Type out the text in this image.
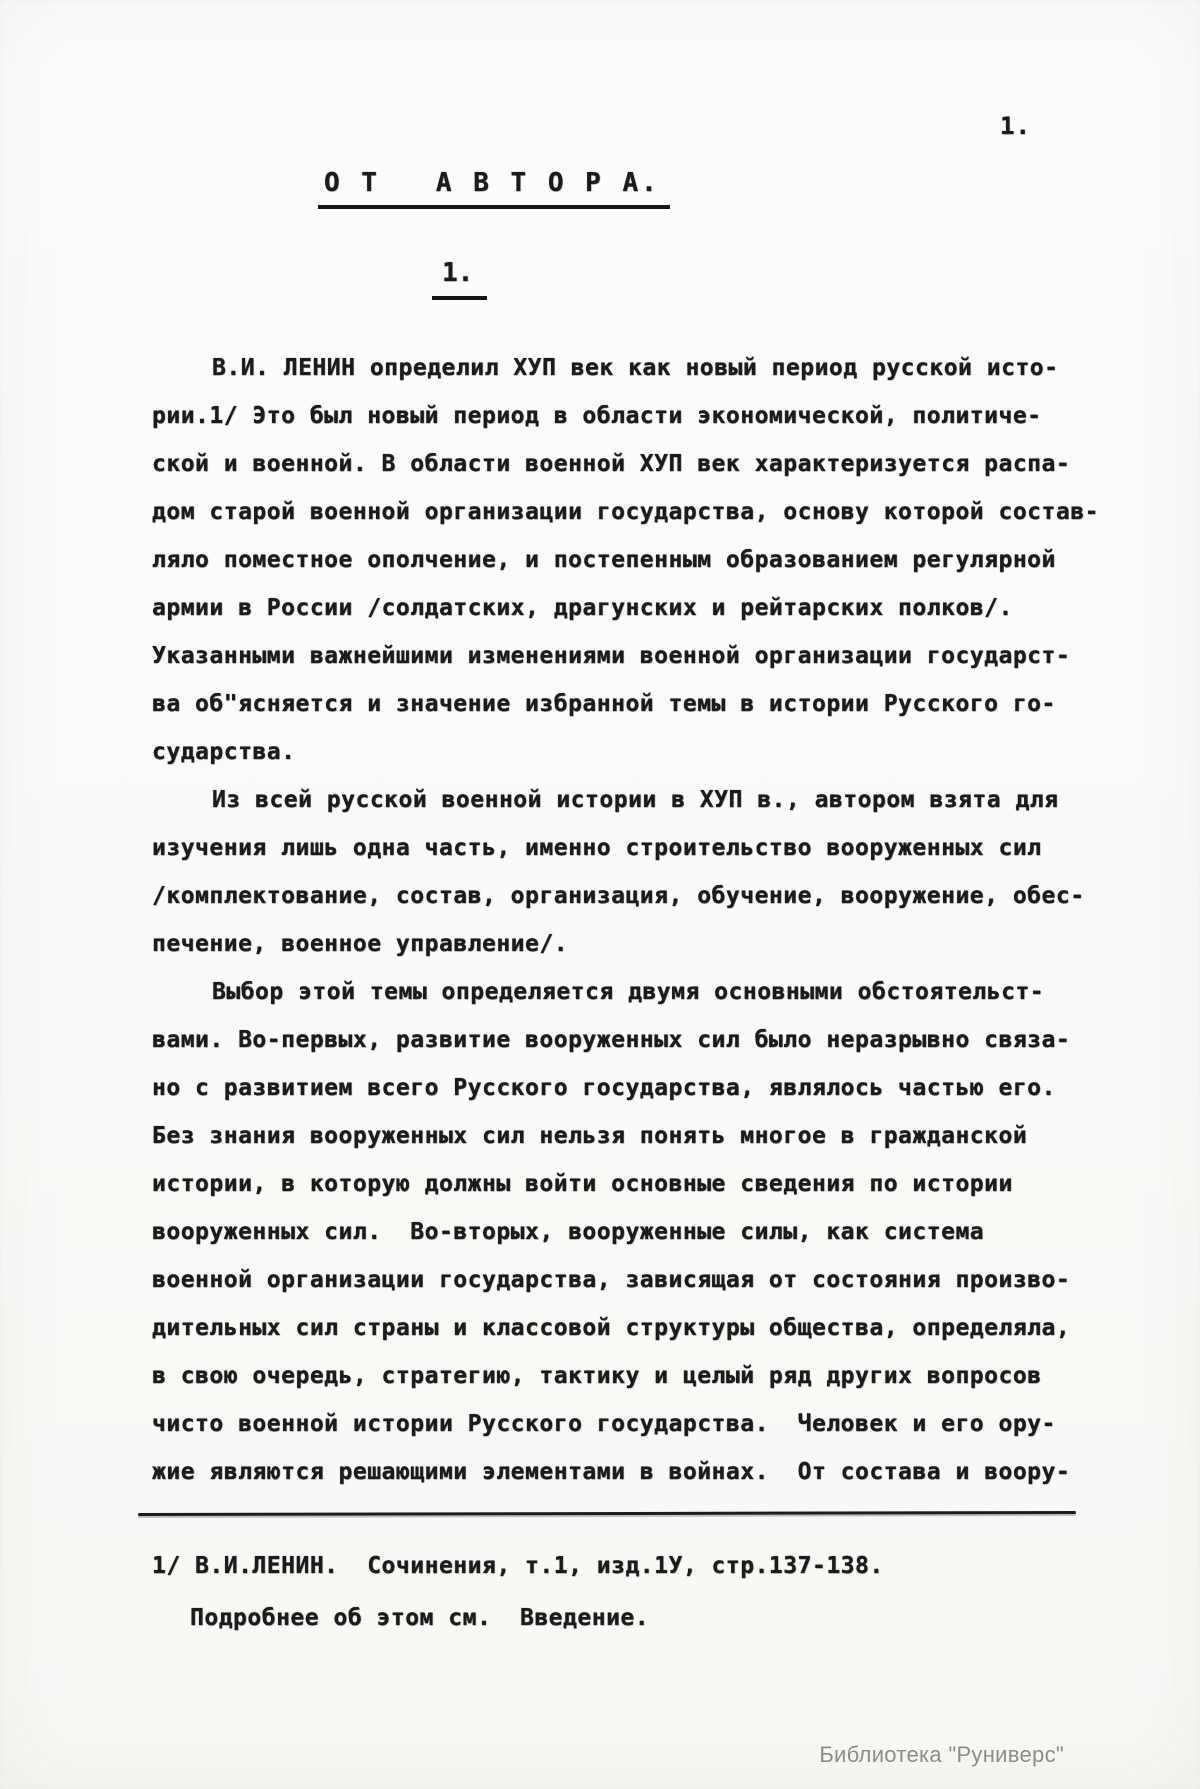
1.
О Т   А В Т О Р А.
1.
В.И. ЛЕНИН определил ХУП век как новый период русской исто-
рии.1/ Это был новый период в области экономической, политиче-
ской и военной. В области военной ХУП век характеризуется распа-
дом старой военной организации государства, основу которой состав-
ляло поместное ополчение, и постепенным образованием регулярной
армии в России /солдатских, драгунских и рейтарских полков/.
Указанными важнейшими изменениями военной организации государст-
ва об"ясняется и значение избранной темы в истории Русского го-
сударства.
Из всей русской военной истории в ХУП в., автором взята для
изучения лишь одна часть, именно строительство вооруженных сил
/комплектование, состав, организация, обучение, вооружение, обес-
печение, военное управление/.
Выбор этой темы определяется двумя основными обстоятельст-
вами. Во-первых, развитие вооруженных сил было неразрывно связа-
но с развитием всего Русского государства, являлось частью его.
Без знания вооруженных сил нельзя понять многое в гражданской
истории, в которую должны войти основные сведения по истории
вооруженных сил.  Во-вторых, вооруженные силы, как система
военной организации государства, зависящая от состояния произво-
дительных сил страны и классовой структуры общества, определяла,
в свою очередь, стратегию, тактику и целый ряд других вопросов
чисто военной истории Русского государства.  Человек и его ору-
жие являются решающими элементами в войнах.  От состава и воору-
1/ В.И.ЛЕНИН.  Сочинения, т.1, изд.1У, стр.137-138.
Подробнее об этом см.  Введение.
Библиотека "Руниверс"
